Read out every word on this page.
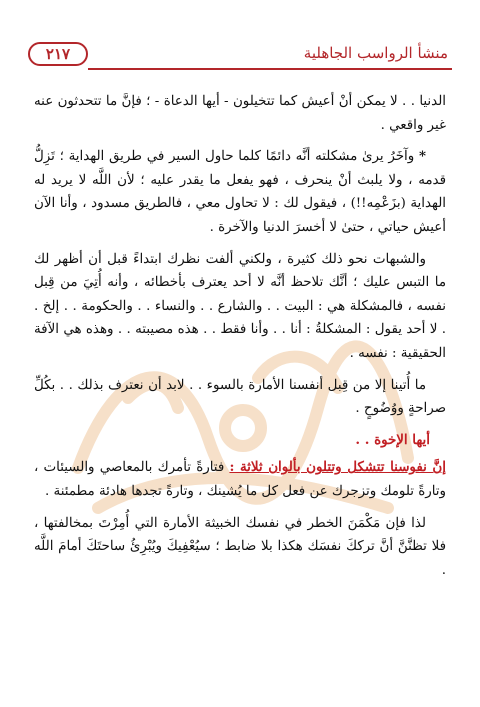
٢١٧	منشأ الرواسب الجاهلية

الدنيا . . لا يمكن أنْ أعيش كما تتخيلون - أيها الدعاة - ؛ فإنَّ ما تتحدثون عنه غير واقعي .

* وآخَرُ يرىٰ مشكلته أنَّه دائمًا كلما حاول السير في طريق الهداية ؛ تَزِلُّ قدمه ، ولا يلبث أنْ ينحرف ، فهو يفعل ما يقدر عليه ؛ لأن اللَّه لا يريد له الهداية (بزَعْمِه!!) ، فيقول لك : لا تحاول معي ، فالطريق مسدود ، وأنا الآن أعيش حياتي ، حتىٰ لا أخسرَ الدنيا والآخرة .

والشبهات نحو ذلك كثيرة ، ولكني ألفت نظرك ابتداءً قبل أن أظهر لك ما التبس عليك ؛ أنَّك تلاحظ أنَّه لا أحد يعترف بأخطائه ، وأنه أُتِيَ من قِبل نفسه ، فالمشكلة هي : البيت . . والشارع . . والنساء . . والحكومة . . إلخ . . لا أحد يقول : المشكلةُ : أنا . . وأنا فقط . . هذه مصيبته . . وهذه هي الآفة الحقيقية : نفسه .

ما أُتينا إلا من قِبل أنفسنا الأمارة بالسوء . . لابد أن نعترف بذلك . . بكُلِّ صراحةٍ ووُضُوحٍ .

أيها الإخوة . .

إنَّ نفوسنا تتشكل وتتلون بألوان ثلاثة : فتارةً تأمرك بالمعاصي والسيئات ، وتارةً تلومك وتزجرك عن فعل كل ما يُشينك ، وتارةً تجدها هادئة مطمئنة .

لذا فإن مَكْمَنَ الخطر في نفسك الخبيثة الأمارة التي أُمِرْتَ بمخالفتها ، فلا تظنَّنَّ أنَّ ترككَ نفسَك هكذا بلا ضابط ؛ سيُعْفِيكَ ويُبْرِئُ ساحتَكَ أمامَ اللَّه .
